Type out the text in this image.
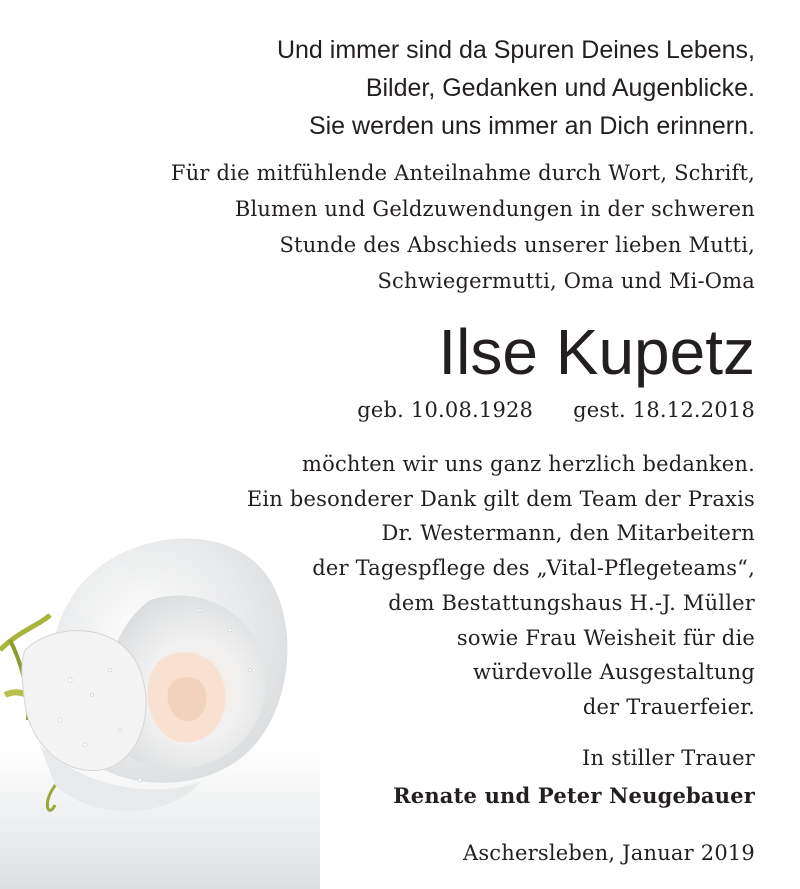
Und immer sind da Spuren Deines Lebens,
Bilder, Gedanken und Augenblicke.
Sie werden uns immer an Dich erinnern.
Für die mitfühlende Anteilnahme durch Wort, Schrift,
Blumen und Geldzuwendungen in der schweren
Stunde des Abschieds unserer lieben Mutti,
Schwiegermutti, Oma und Mi-Oma
Ilse Kupetz
geb. 10.08.1928 gest. 18.12.2018
möchten wir uns ganz herzlich bedanken.
Ein besonderer Dank gilt dem Team der Praxis
Dr. Westermann, den Mitarbeitern
der Tagespflege des „Vital-Pflegeteams“,
dem Bestattungshaus H.-J. Müller
sowie Frau Weisheit für die
würdevolle Ausgestaltung
der Trauerfeier.
In stiller Trauer
Renate und Peter Neugebauer
Aschersleben, Januar 2019
